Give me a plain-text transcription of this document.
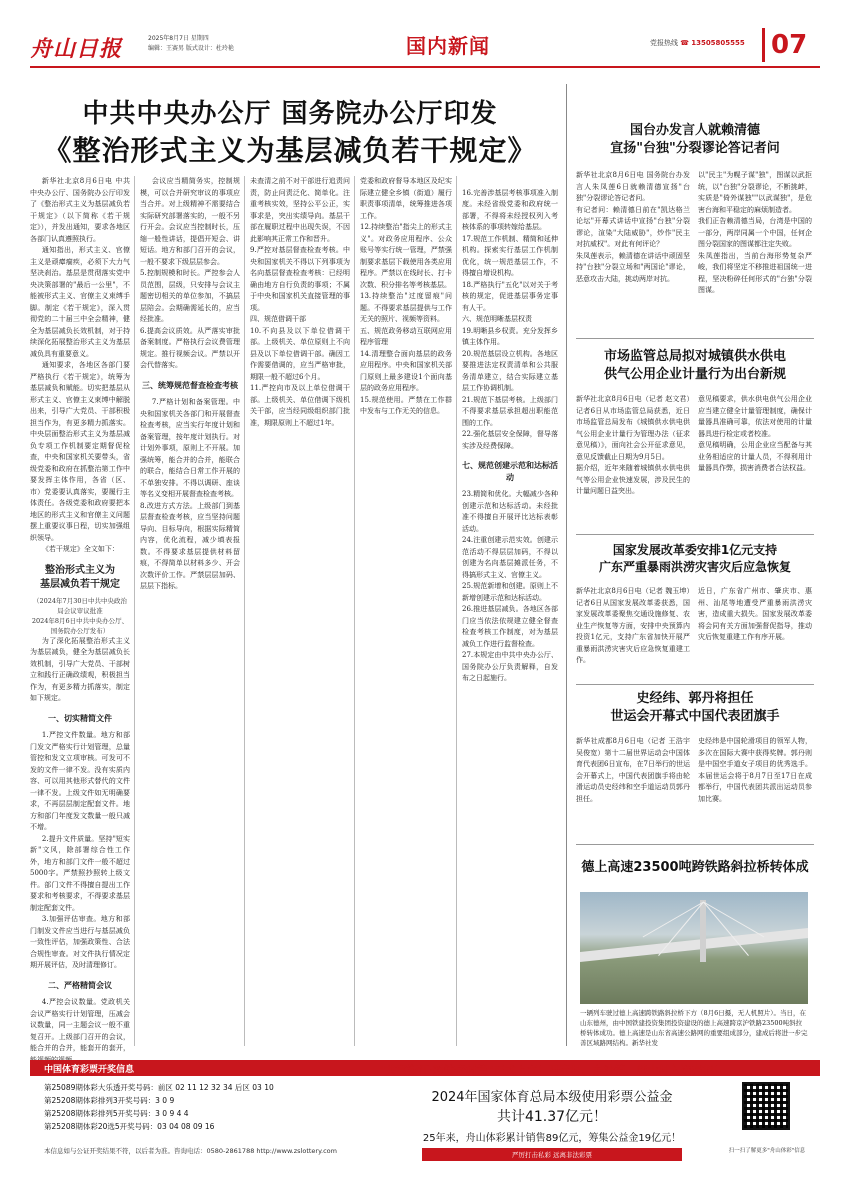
舟山日报	2025年8月7日 星期四
编辑：王赛男 版式设计：杜玲艳	国内新闻	党报热线 ☎ 13505805555	07
中共中央办公厅 国务院办公厅印发
《整治形式主义为基层减负若干规定》

新华社北京8月6日电 中共中央办公厅、国务院办公厅印发了《整治形式主义为基层减负若干规定》（以下简称《若干规定》），并发出通知，要求各地区各部门认真遵照执行。

通知指出，形式主义、官僚主义是顽瘴痼疾，必须下大力气坚决刹治。基层是贯彻落实党中央决策部署的"最后一公里"，不能被形式主义、官僚主义束缚手脚。制定《若干规定》，深入贯彻党的二十届三中全会精神，健全为基层减负长效机制，对于持续深化拓展整治形式主义为基层减负具有重要意义。

通知要求，各地区各部门要严格执行《若干规定》，统筹为基层减负和赋能。切实把基层从形式主义、官僚主义束缚中解脱出来，引导广大党员、干部积极担当作为，有更多精力抓落实。中央层面整治形式主义为基层减负专项工作机制要定期督促检查，中央和国家机关要带头，省级党委和政府在抓整治第工作中要发挥主体作用，各省（区、市）党委要认真落实，要履行主体责任。各级党委和政府要把本地区的形式主义和官僚主义问题摆上重要议事日程，切实加强组织领导。

《若干规定》全文如下：

整治形式主义为
基层减负若干规定
（2024年7月30日中共中央政治局会议审议批准
2024年8月6日中共中央办公厅、国务院办公厅发布）

为了深化拓展整治形式主义为基层减负，健全为基层减负长效机制，引导广大党员、干部树立和践行正确政绩观，积极担当作为，有更多精力抓落实，制定如下规定。

一、切实精简文件

1.严控文件数量。地方和部门发文严格实行计划管理，总量管控和发文立项审核。可发可不发的文件一律不发。没有实质内容、可以用其他形式替代的文件一律不发。上级文件如无明确要求，不再层层制定配套文件。地方和部门年度发文数量一般只减不增。

2.提升文件质量。坚持"短实新"文风，除部署综合性工作外，地方和部门文件一般不超过5000字。严禁照抄照转上级文件。部门文件不得擅自提出工作要求和考核要求，不得要求基层制定配套文件。

3.加强评估审查。地方和部门制发文件应当进行与基层减负一致性评估，加强政策性、合法合规性审查。对文件执行情况定期开展评估，及时清理修订。

二、严格精简会议

4.严控会议数量。党政机关会议严格实行计划管理，压减会议数量，同一主题会议一般不重复召开。上级部门召开的会议，能合并的合并，能套开的套开，

会议应当精简务实，控制规模，可以合并研究审议的事项应当合并。对上级精神不需要结合实际研究部署落实的，一般不另行开会。会议应当控制时长，压缩一般性讲话，提倡开短会、讲短话。地方和部门召开的会议，一般不要求下级层层参会。
5.控制规模和时长。严控参会人员范围，层级，只安排与会议主题密切相关的单位参加，不搞层层陪会。会期确需延长的，应当经批准。
6.提高会议质效。从严落实审批备案制度。严格执行会议费管理规定。推行视频会议。严禁以开会代替落实。

三、统筹规范督查检查考核

7.严格计划和备案管理。中央和国家机关各部门和开展督查检查考核，应当实行年度计划和备案管理，按年度计划执行。对计划外事项，原则上不开展。加强统筹，能合并的合并，能联合的联合，能结合日常工作开展的不单独安排。不得以调研、座谈等名义变相开展督查检查考核。
8.改进方式方法。上级部门到基层督查检查考核，应当坚持问题导向、目标导向，根据实际精简内容，优化流程，减少填表报数。不得要求基层提供材料留痕，不得简单以材料多少、开会次数评价工作。严禁层层加码、层层下指标。

未查清之前不对干部进行追责问责，防止问责泛化、简单化。注重考核实效，坚持公平公正，实事求是，突出实绩导向。基层干部在履职过程中出现失误，不因此影响其正常工作和晋升。
9.严控对基层督查检查考核。中央和国家机关不得以下列事项为名向基层督查检查考核：已经明确由地方自行负责的事项；不属于中央和国家机关直接管理的事项。
四、规范借调干部
10.不向县及以下单位借调干部。上级机关、单位原则上不向县及以下单位借调干部。确因工作需要借调的，应当严格审批，期限一般不超过6个月。
11.严控向市及以上单位借调干部。上级机关、单位借调下级机关干部，应当经同级组织部门批准，期限原则上不超过1年。
党委和政府督导本地区及纪实际建立健全乡镇（街道）履行职责事项清单，统筹推进各项工作。
12.持续整治"指尖上的形式主义"。对政务应用程序、公众账号等实行统一管理，严禁强制要求基层下载使用各类应用程序。严禁以在线时长、打卡次数、积分排名等考核基层。
13.持续整治"过度留痕"问题。不得要求基层提供与工作无关的照片、视频等资料。
五、规范政务移动互联网应用程序管理
14.清理整合面向基层的政务应用程序。中央和国家机关部门原则上最多建设1个面向基层的政务应用程序。
15.规范使用。严禁在工作群中发布与工作无关的信息。

16.完善涉基层考核事项准入制度。未经省级党委和政府统一部署，不得将未经授权列入考核体系的事项转嫁给基层。
17.规范工作机制、精简和延伸机构。探索实行基层工作机制优化，统一规范基层工作，不得擅自增设机构。
18.严格执行"五化"以对关于考核的规定，促进基层事务定事有人干。
六、规范明晰基层权责
19.明晰县乡权责。充分发挥乡镇主体作用。
20.规范基层设立机构。各地区要推进法定权责清单和公共服务清单建立，结合实际建立基层工作协调机制。
21.规范下基层考核。上级部门不得要求基层承担超出职能范围的工作。
22.强化基层安全保障，督导落实涉及经费保障。

七、规范创建示范和达标活动

23.精简和优化。大幅减少各种创建示范和达标活动。未经批准不得擅自开展评比达标表彰活动。
24.注重创建示范实效。创建示范活动不得层层加码，不得以创建为名向基层摊派任务，不得搞形式主义、官僚主义。
25.规范新增和创建。原则上不新增创建示范和达标活动。
26.推进基层减负。各地区各部门应当依法依规建立健全督查检查考核工作制度，对为基层减负工作进行监督检查。
27.本规定由中共中央办公厅、国务院办公厅负责解释，自发布之日起施行。

国台办发言人就赖清德
宣扬"台独"分裂谬论答记者问
新华社北京8月6日电 国务院台办发言人朱凤莲6日就赖清德宣扬"台独"分裂谬论答记者问。
有记者问：赖清德日前在"凯达格兰论坛"开幕式讲话中宣扬"台独"分裂谬论，渲染"大陆威胁"，炒作"民主对抗威权"。对此有何评论？
朱凤莲表示，赖清德在讲话中顽固坚持"台独"分裂立场和"两国论"谬论，恶意攻击大陆，挑动两岸对抗。
以"民主"为幌子谋"独"，图谋以武拒统，以"台独"分裂谬论，不断挑衅，实质是"倚外谋独""以武谋独"，是危害台海和平稳定的麻烦制造者。
我们正告赖清德当局，台湾是中国的一部分，两岸同属一个中国，任何企图分裂国家的图谋都注定失败。
朱凤莲指出，当前台海形势复杂严峻，我们将坚定不移推进祖国统一进程，坚决粉碎任何形式的"台独"分裂图谋。
市场监管总局拟对城镇供水供电
供气公用企业计量行为出台新规
新华社北京8月6日电（记者 赵文君）记者6日从市场监管总局获悉，近日市场监管总局发布《城镇供水供电供气公用企业计量行为管理办法（征求意见稿）》，面向社会公开征求意见，意见反馈截止日期为9月5日。
据介绍，近年来随着城镇供水供电供气等公用企业快速发展，涉及民生的计量问题日益突出。
意见稿要求，供水供电供气公用企业应当建立健全计量管理制度，确保计量器具准确可靠，依法对使用的计量器具进行检定或者校准。
意见稿明确，公用企业应当配备与其业务相适应的计量人员，不得利用计量器具作弊，损害消费者合法权益。
国家发展改革委安排1亿元支持
广东严重暴雨洪涝灾害灾后应急恢复
新华社北京8月6日电（记者 魏玉坤）记者6日从国家发展改革委获悉，国家发展改革委聚焦交通设施修复、农业生产恢复等方面，安排中央预算内投资1亿元，支持广东省加快开展严重暴雨洪涝灾害灾后应急恢复重建工作。
近日，广东省广州市、肇庆市、惠州、汕尾等地遭受严重暴雨洪涝灾害，造成重大损失。国家发展改革委将会同有关方面加强督促指导，推动灾后恢复重建工作有序开展。
史经纬、郭丹将担任
世运会开幕式中国代表团旗手
新华社成都8月6日电（记者 王浩宇 吴俊宽）第十二届世界运动会中国体育代表团6日宣布，在7日举行的世运会开幕式上，中国代表团旗手将由轮滑运动员史经纬和空手道运动员郭丹担任。
史经纬是中国轮滑项目的领军人物，多次在国际大赛中获得奖牌。郭丹则是中国空手道女子项目的优秀选手。本届世运会将于8月7日至17日在成都举行，中国代表团共派出运动员参加比赛。
德上高速23500吨跨铁路斜拉桥转体成
一辆列车驶过德上高速跨铁路斜拉桥下方（8月6日摄，无人机照片）。当日，在山东德州，由中国铁建投资集团投资建设的德上高速跨京沪铁路23500吨斜拉桥转体成功。德上高速是山东省高速公路网的重要组成部分，建成后将进一步完善区域路网结构。新华社发
中国体育彩票开奖信息
第25089期体彩大乐透开奖号码：前区 02 11 12 32 34 后区 03 10
第25208期体彩排列3开奖号码：3 0 9
第25208期体彩排列5开奖号码：3 0 9 4 4
第25208期体彩20选5开奖号码：03 04 08 09 16
本信息如与公证开奖结果不符，以后者为准。咨询电话：0580-2861788 http://www.zslottery.com
"共富浙江·彩铸奇村篇"正式上市！马泰村、东沙镇、嵊山村入选亮相！
2024年国家体育总局本级使用彩票公益金
共计41.37亿元！
25年来，舟山体彩累计销售89亿元，筹集公益金19亿元！
严厉打击私彩 远离非法彩票	扫一扫了解更多"舟山体彩"信息
